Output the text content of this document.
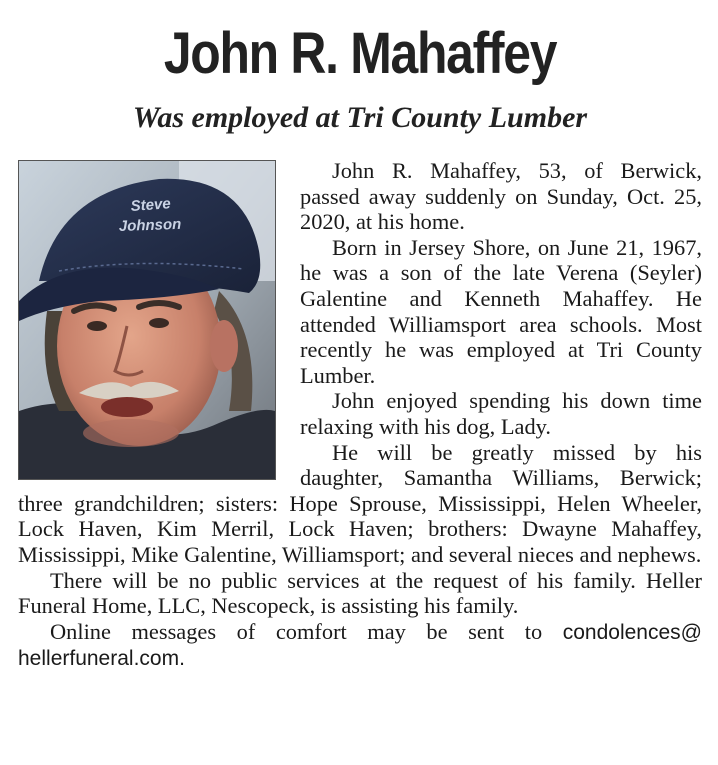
John R. Mahaffey
Was employed at Tri County Lumber
Steve
Johnson

John R. Mahaffey, 53, of Berwick, passed away suddenly on Sunday, Oct. 25, 2020, at his home.

Born in Jersey Shore, on June 21, 1967, he was a son of the late Verena (Seyler) Galentine and Kenneth Mahaffey. He attended Williamsport area schools. Most recently he was employed at Tri County Lumber.

John enjoyed spending his down time relaxing with his dog, Lady.

He will be greatly missed by his daughter, Samantha Williams, Berwick; three grandchildren; sisters: Hope Sprouse, Mississippi, Helen Wheeler, Lock Haven, Kim Merril, Lock Haven; brothers: Dwayne Mahaffey, Mississippi, Mike Galentine, Williamsport; and several nieces and nephews.

There will be no public services at the request of his family. Heller Funeral Home, LLC, Nescopeck, is assisting his family.

Online messages of comfort may be sent to condolences@ hellerfuneral.com.
